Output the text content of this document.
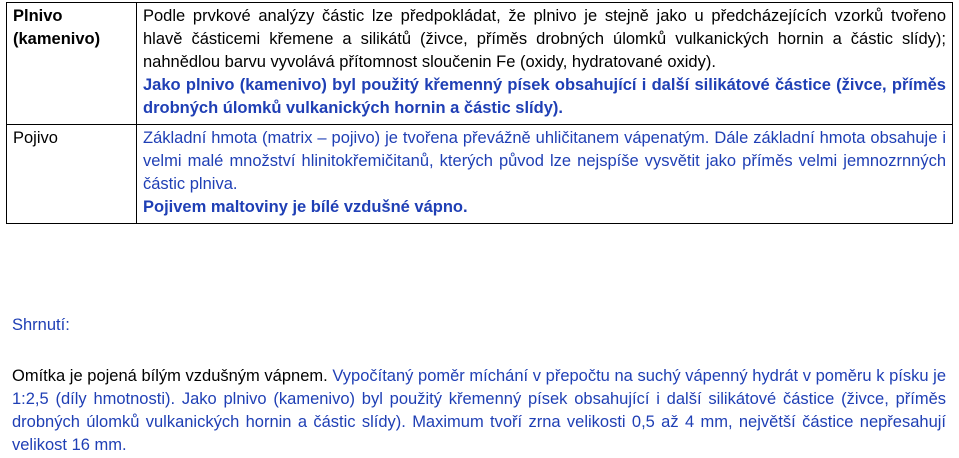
Plnivo (kamenivo)	Podle prvkové analýzy částic lze předpokládat, že plnivo je stejně jako u předcházejících vzorků tvořeno hlavě částicemi křemene a silikátů (živce, příměs drobných úlomků vulkanických hornin a částic slídy); nahnědlou barvu vyvolává přítomnost sloučenin Fe (oxidy, hydratované oxidy).

Jako plnivo (kamenivo) byl použitý křemenný písek obsahující i další silikátové částice (živce, příměs drobných úlomků vulkanických hornin a částic slídy).

Pojivo	Základní hmota (matrix – pojivo) je tvořena převážně uhličitanem vápenatým. Dále základní hmota obsahuje i velmi malé množství hlinitokřemičitanů, kterých původ lze nejspíše vysvětit jako příměs velmi jemnozrnných částic plniva.

Pojivem maltoviny je bílé vzdušné vápno.

Shrnutí:
Omítka je pojená bílým vzdušným vápnem. Vypočítaný poměr míchání v přepočtu na suchý vápenný hydrát v poměru k písku je 1:2,5 (díly hmotnosti). Jako plnivo (kamenivo) byl použitý křemenný písek obsahující i další silikátové částice (živce, příměs drobných úlomků vulkanických hornin a částic slídy). Maximum tvoří zrna velikosti 0,5 až 4 mm, největší částice nepřesahují velikost 16 mm.
